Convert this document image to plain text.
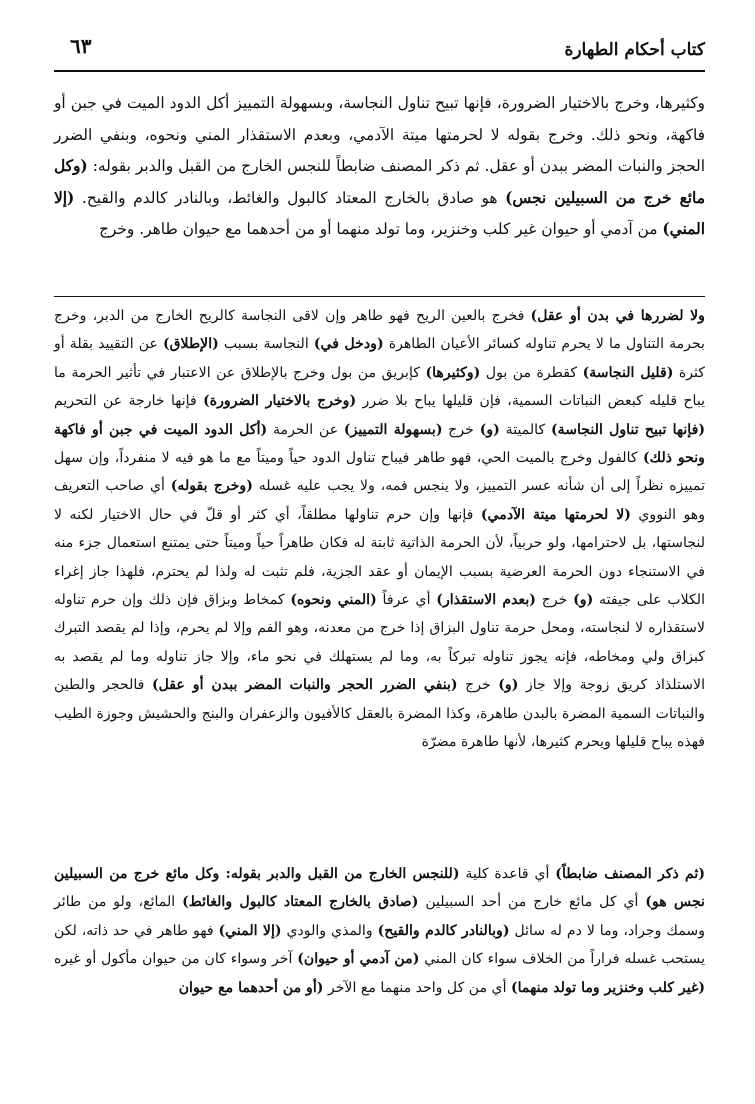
٦٣	كتاب أحكام الطهارة

وكثيرها، وخرج بالاختيار الضرورة، فإنها تبيح تناول النجاسة، وبسهولة التمييز أكل الدود الميت في جبن أو فاكهة، ونحو ذلك. وخرج بقوله لا لحرمتها ميتة الآدمي، وبعدم الاستقذار المني ونحوه، وبنفي الضرر الحجز والنبات المضر ببدن أو عقل. ثم ذكر المصنف ضابطاً للنجس الخارج من القبل والدبر بقوله: (وكل مائع خرج من السبيلين نجس) هو صادق بالخارج المعتاد كالبول والغائط، وبالنادر كالدم والقيح. (إلا المني) من آدمي أو حيوان غير كلب وخنزير، وما تولد منهما أو من أحدهما مع حيوان طاهر. وخرج

ولا لضررها في بدن أو عقل) فخرج بالعين الريح فهو طاهر وإن لاقى النجاسة كالريح الخارج من الدبر، وخرج بحرمة التناول ما لا يحرم تناوله كسائر الأعيان الطاهرة (ودخل في) النجاسة بسبب (الإطلاق) عن التقييد بقلة أو كثرة (قليل النجاسة) كقطرة من بول (وكثيرها) كإبريق من بول وخرج بالإطلاق عن الاعتبار في تأثير الحرمة ما يباح قليله كبعض النباتات السمية، فإن قليلها يباح بلا ضرر (وخرج بالاختيار الضرورة) فإنها خارجة عن التحريم (فإنها تبيح تناول النجاسة) كالميتة (و) خرج (بسهولة التمييز) عن الحرمة (أكل الدود الميت في جبن أو فاكهة ونحو ذلك) كالفول وخرج بالميت الحي، فهو طاهر فيباح تناول الدود حياً وميتاً مع ما هو فيه لا منفرداً، وإن سهل تمييزه نظراً إلى أن شأنه عسر التمييز، ولا ينجس فمه، ولا يجب عليه غسله (وخرج بقوله) أي صاحب التعريف وهو النووي (لا لحرمتها ميتة الآدمي) فإنها وإن حرم تناولها مطلقاً، أي كثر أو قلّ في حال الاختيار لكنه لا لنجاستها، بل لاحترامها، ولو حربياً، لأن الحرمة الذاتية ثابتة له فكان طاهراً حياً وميتاً حتى يمتنع استعمال جزء منه في الاستنجاء دون الحرمة العرضية بسبب الإيمان أو عقد الجزية، فلم تثبت له ولذا لم يحترم، فلهذا جاز إغراء الكلاب على جيفته (و) خرج (بعدم الاستقذار) أي عرفاً (المني ونحوه) كمخاط وبزاق فإن ذلك وإن حرم تناوله لاستقذاره لا لنجاسته، ومحل حرمة تناول البزاق إذا خرج من معدنه، وهو الفم وإلا لم يحرم، وإذا لم يقصد التبرك كبزاق ولي ومخاطه، فإنه يجوز تناوله تبركاً به، وما لم يستهلك في نحو ماء، وإلا جاز تناوله وما لم يقصد به الاستلذاذ كريق زوجة وإلا جاز (و) خرج (بنفي الضرر الحجر والنبات المضر ببدن أو عقل) فالحجر والطين والنباتات السمية المضرة بالبدن طاهرة، وكذا المضرة بالعقل كالأفيون والزعفران والبنج والحشيش وجوزة الطيب فهذه يباح قليلها ويحرم كثيرها، لأنها طاهرة مضرّة

(ثم ذكر المصنف ضابطاً) أي قاعدة كلية (للنجس الخارج من القبل والدبر بقوله: وكل مائع خرج من السبيلين نجس هو) أي كل مائع خارج من أحد السبيلين (صادق بالخارج المعتاد كالبول والغائط) المائع، ولو من طائر وسمك وجراد، وما لا دم له سائل (وبالنادر كالدم والقيح) والمذي والودي (إلا المني) فهو طاهر في حد ذاته، لكن يستحب غسله فراراً من الخلاف سواء كان المني (من آدمي أو حيوان) آخر وسواء كان من حيوان مأكول أو غيره (غير كلب وخنزير وما تولد منهما) أي من كل واحد منهما مع الآخر (أو من أحدهما مع حيوان
